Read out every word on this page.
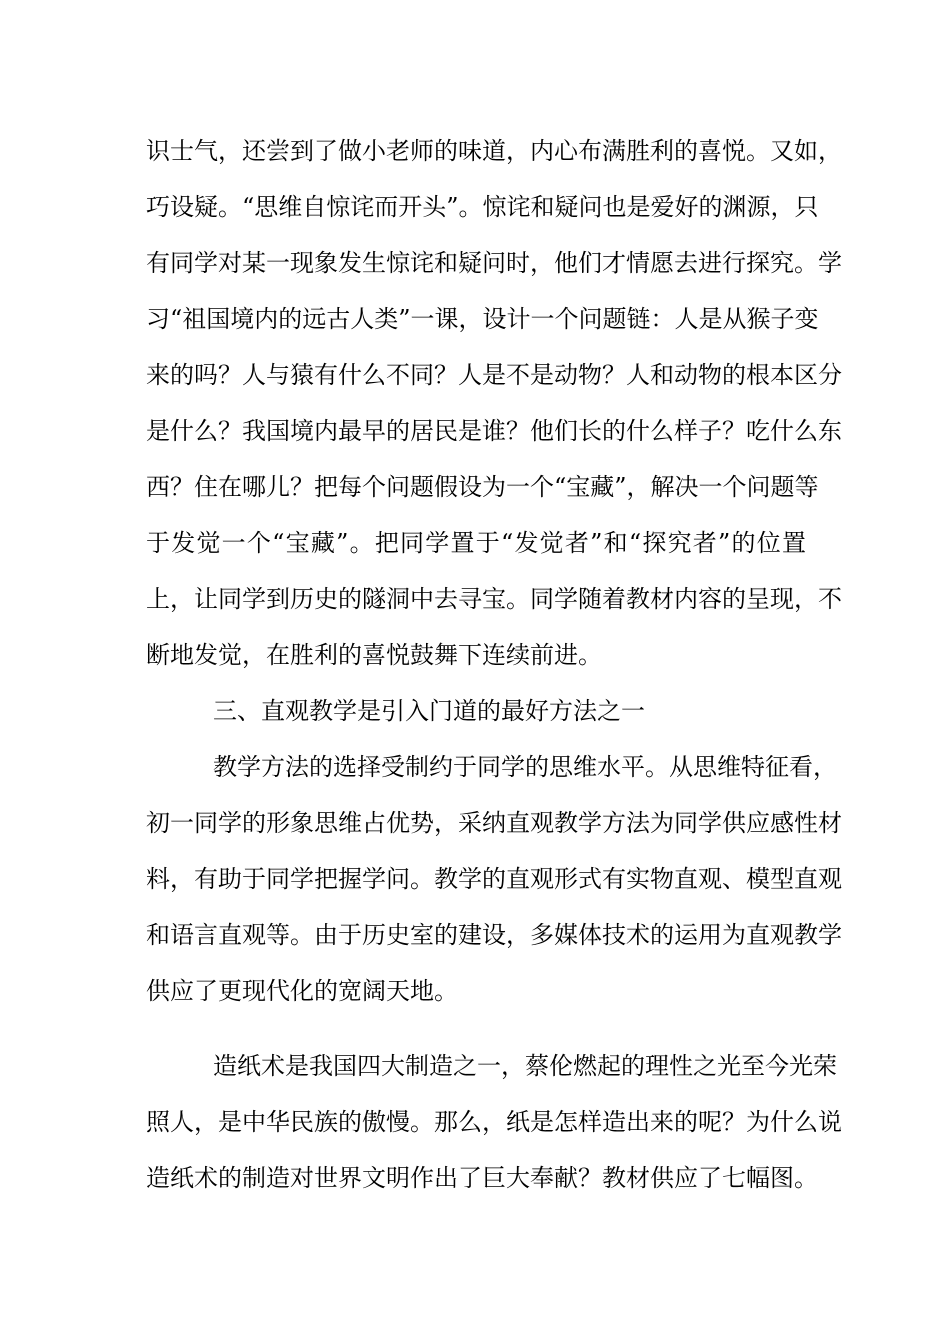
识士气，还尝到了做小老师的味道，内心布满胜利的喜悦。又如，
巧设疑。“思维自惊诧而开头”。惊诧和疑问也是爱好的渊源，只
有同学对某一现象发生惊诧和疑问时，他们才情愿去进行探究。学
习“祖国境内的远古人类”一课，设计一个问题链：人是从猴子变
来的吗？人与猿有什么不同？人是不是动物？人和动物的根本区分
是什么？我国境内最早的居民是谁？他们长的什么样子？吃什么东
西？住在哪儿？把每个问题假设为一个“宝藏”，解决一个问题等
于发觉一个“宝藏”。把同学置于“发觉者”和“探究者”的位置
上，让同学到历史的隧洞中去寻宝。同学随着教材内容的呈现，不
断地发觉，在胜利的喜悦鼓舞下连续前进。
三、直观教学是引入门道的最好方法之一
教学方法的选择受制约于同学的思维水平。从思维特征看，
初一同学的形象思维占优势，采纳直观教学方法为同学供应感性材
料，有助于同学把握学问。教学的直观形式有实物直观、模型直观
和语言直观等。由于历史室的建设，多媒体技术的运用为直观教学
供应了更现代化的宽阔天地。
造纸术是我国四大制造之一，蔡伦燃起的理性之光至今光荣
照人，是中华民族的傲慢。那么，纸是怎样造出来的呢？为什么说
造纸术的制造对世界文明作出了巨大奉献？教材供应了七幅图。
